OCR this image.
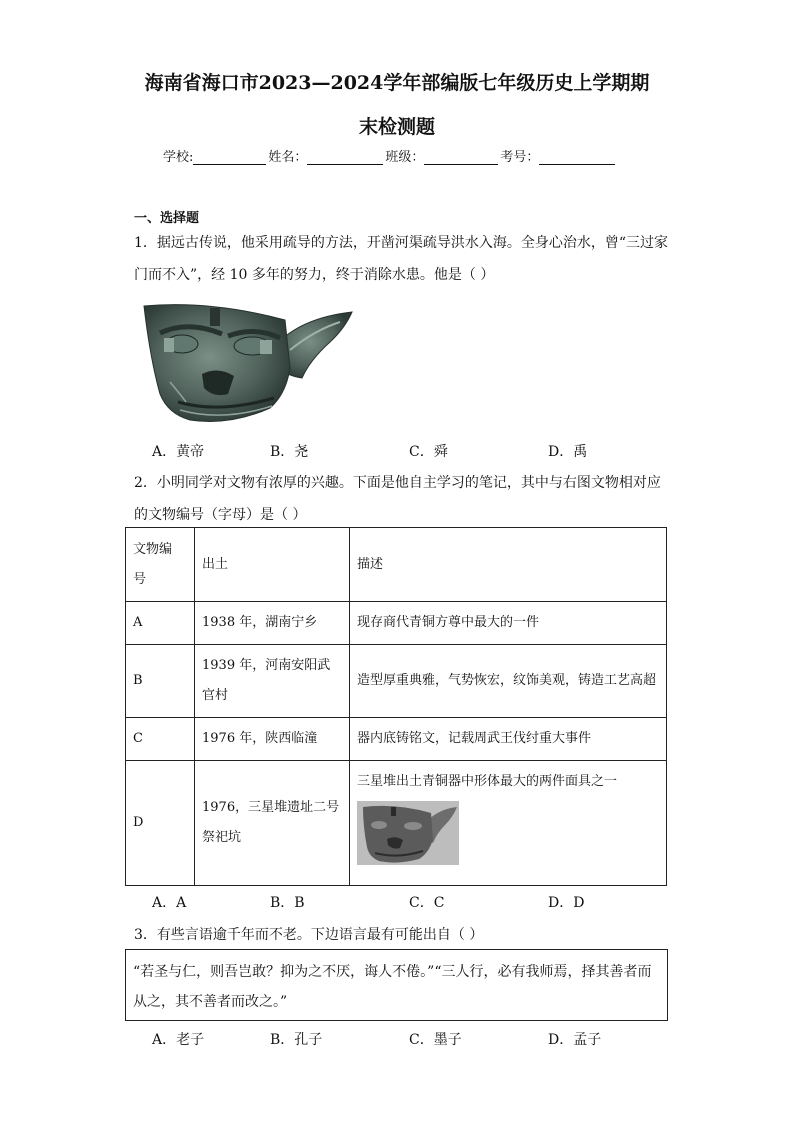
海南省海口市2023—2024学年部编版七年级历史上学期期
末检测题
学校:	姓名：	班级：	考号：
一、选择题
1．据远古传说，他采用疏导的方法，开凿河渠疏导洪水入海。全身心治水，曾“三过家
门而不入”，经 10 多年的努力，终于消除水患。他是（ ）
A．黄帝	B．尧	C．舜	D．禹
2．小明同学对文物有浓厚的兴趣。下面是他自主学习的笔记，其中与右图文物相对应
的文物编号（字母）是（ ）
文物编号	出土	描述
A	1938 年，湖南宁乡	现存商代青铜方尊中最大的一件
B	1939 年，河南安阳武官村	造型厚重典雅，气势恢宏，纹饰美观，铸造工艺高超

C	1976 年，陕西临潼	器内底铸铭文，记载周武王伐纣重大事件
D	1976，三星堆遗址二号祭祀坑	三星堆出土青铜器中形体最大的两件面具之一
A．A	B．B	C．C	D．D
3．有些言语逾千年而不老。下边语言最有可能出自（ ）
“若圣与仁，则吾岂敢？抑为之不厌，诲人不倦。”“三人行，必有我师焉，择其善者而从之，其不善者而改之。”
A．老子	B．孔子	C．墨子	D．孟子
